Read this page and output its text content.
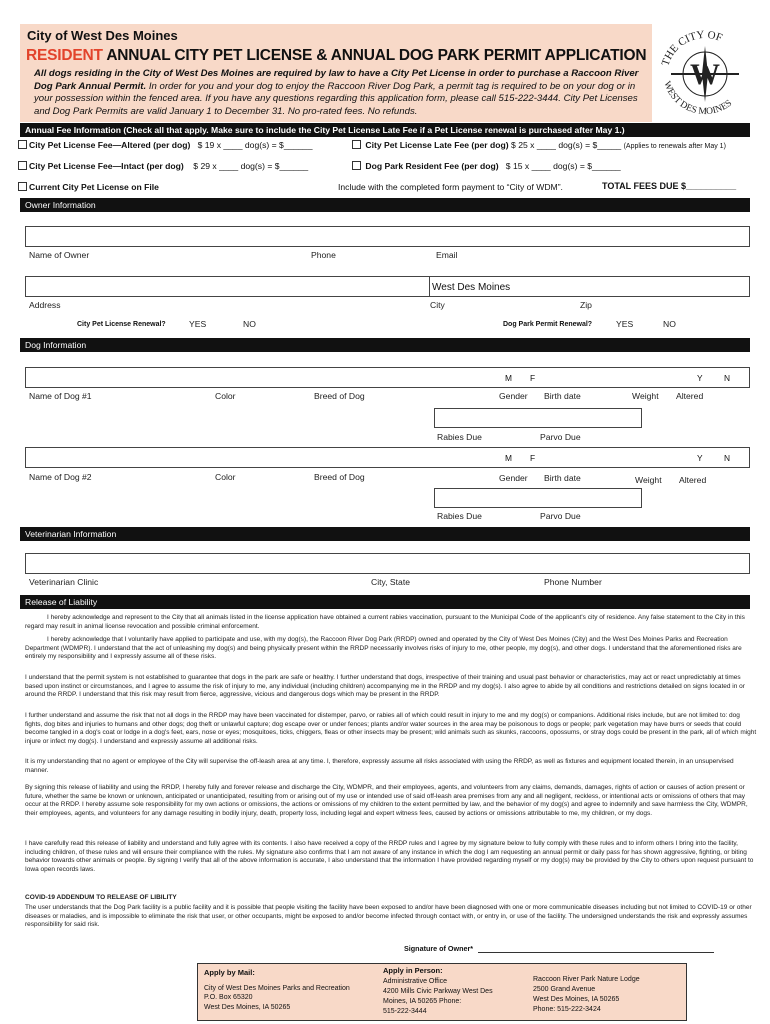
City of West Des Moines
RESIDENT ANNUAL CITY PET LICENSE & ANNUAL DOG PARK PERMIT APPLICATION
All dogs residing in the City of West Des Moines are required by law to have a City Pet License in order to purchase a Raccoon River Dog Park Annual Permit. In order for you and your dog to enjoy the Raccoon River Dog Park, a permit tag is required to be on your dog or in your possession within the fenced area. If you have any questions regarding this application form, please call 515-222-3444. City Pet Licenses and Dog Park Permits are valid January 1 to December 31. No pro-rated fees. No refunds.
THE CITY OF
WEST DES MOINES
W
Annual Fee Information (Check all that apply. Make sure to include the City Pet License Late Fee if a Pet License renewal is purchased after May 1.)
City Pet License Fee—Altered (per dog) $ 19 x ____ dog(s) = $______	City Pet License Late Fee (per dog) $ 25 x ____ dog(s) = $_____ (Applies to renewals after May 1)
City Pet License Fee—Intact (per dog) $ 29 x ____ dog(s) = $______	Dog Park Resident Fee (per dog) $ 15 x ____ dog(s) = $______
Current City Pet License on File	Include with the completed form payment to “City of WDM”.	TOTAL FEES DUE $__________
Owner Information
Name of Owner	Phone	Email
West Des Moines
Address	City	Zip
City Pet License Renewal?	YES	NO	Dog Park Permit Renewal?	YES	NO
Dog Information
M F	Y	N
Name of Dog #1	Color	Breed of Dog	Gender Birth date	Weight Altered
Rabies Due	Parvo Due
M F	Y	N
Name of Dog #2	Color	Breed of Dog	Gender Birth date	Weight Altered
Rabies Due	Parvo Due
Veterinarian Information
Veterinarian Clinic	City, State	Phone Number
Release of Liability
I hereby acknowledge and represent to the City that all animals listed in the license application have obtained a current rabies vaccination, pursuant to the Municipal Code of the applicant's city of residence. Any false statement to the City in this regard may result in animal license revocation and possible criminal enforcement.
I hereby acknowledge that I voluntarily have applied to participate and use, with my dog(s), the Raccoon River Dog Park (RRDP) owned and operated by the City of West Des Moines (City) and the West Des Moines Parks and Recreation Department (WDMPR). I understand that the act of unleashing my dog(s) and being physically present within the RRDP necessarily involves risks of injury to me, other people, my dog(s), and other dogs. I understand that the aforementioned risks are entirely my responsibility and I expressly assume all of these risks.
I understand that the permit system is not established to guarantee that dogs in the park are safe or healthy. I further understand that dogs, irrespective of their training and usual past behavior or characteristics, may act or react unpredictably at times based upon instinct or circumstances, and I agree to assume the risk of injury to me, any individual (including children) accompanying me in the RRDP and my dog(s). I also agree to abide by all conditions and restrictions detailed on signs located in or around the RRDP. I understand that this risk may result from fierce, aggressive, vicious and dangerous dogs which may be present in the RRDP.
I further understand and assume the risk that not all dogs in the RRDP may have been vaccinated for distemper, parvo, or rabies all of which could result in injury to me and my dog(s) or companions. Additional risks include, but are not limited to: dog fights, dog bites and injuries to humans and other dogs; dog theft or unlawful capture; dog escape over or under fences; plants and/or water sources in the area may be poisonous to dogs or people; park vegetation may have burrs or seeds that could become tangled in a dog's coat or lodge in a dog's feet, ears, nose or eyes; mosquitoes, ticks, chiggers, fleas or other insects may be present; wild animals such as skunks, raccoons, opossums, or stray dogs could be present in the park, all of which might injure or infect my dog(s). I understand and expressly assume all additional risks.
It is my understanding that no agent or employee of the City will supervise the off-leash area at any time. I, therefore, expressly assume all risks associated with using the RRDP, as well as fixtures and equipment located therein, in an unsupervised manner.
By signing this release of liability and using the RRDP, I hereby fully and forever release and discharge the City, WDMPR, and their employees, agents, and volunteers from any claims, demands, damages, rights of action or causes of action present or future, whether the same be known or unknown, anticipated or unanticipated, resulting from or arising out of my use or intended use of said off-leash area premises from any and all negligent, reckless, or intentional acts or omissions of others that may occur at the RRDP. I hereby assume sole responsibility for my own actions or omissions, the actions or omissions of my children to the extent permitted by law, and the behavior of my dog(s) and agree to indemnify and save harmless the City, WDMPR, their employees, agents, and volunteers for any damage resulting in bodily injury, death, property loss, including legal and expert witness fees, caused by actions or omissions attributable to me, my children, or my dogs.
I have carefully read this release of liability and understand and fully agree with its contents. I also have received a copy of the RRDP rules and I agree by my signature below to fully comply with these rules and to inform others I bring into the facility, including children, of these rules and will ensure their compliance with the rules. My signature also confirms that I am not aware of any instance in which the dog I am requesting an annual permit or daily pass for has shown aggressive, fighting, or biting behavior towards other animals or people. By signing I verify that all of the above information is accurate, I also understand that the information I have provided regarding myself or my dog(s) may be provided by the City to others upon request pursuant to Iowa open records laws.
COVID-19 ADDENDUM TO RELEASE OF LIBILITY
The user understands that the Dog Park facility is a public facility and it is possible that people visiting the facility have been exposed to and/or have been diagnosed with one or more communicable diseases including but not limited to COVID-19 or other diseases or maladies, and is impossible to eliminate the risk that user, or other occupants, might be exposed to and/or become infected through contact with, or entry in, or use of the facility. The undersigned understands the risk and expressly assumes responsibility for said risk.
Signature of Owner*
Apply by Mail:
City of West Des Moines Parks and Recreation
P.O. Box 65320
West Des Moines, IA 50265
Apply in Person:
Administrative Office
4200 Mills Civic Parkway West Des
Moines, IA 50265 Phone:
515-222-3444
Raccoon River Park Nature Lodge
2500 Grand Avenue
West Des Moines, IA 50265
Phone: 515-222-3424
